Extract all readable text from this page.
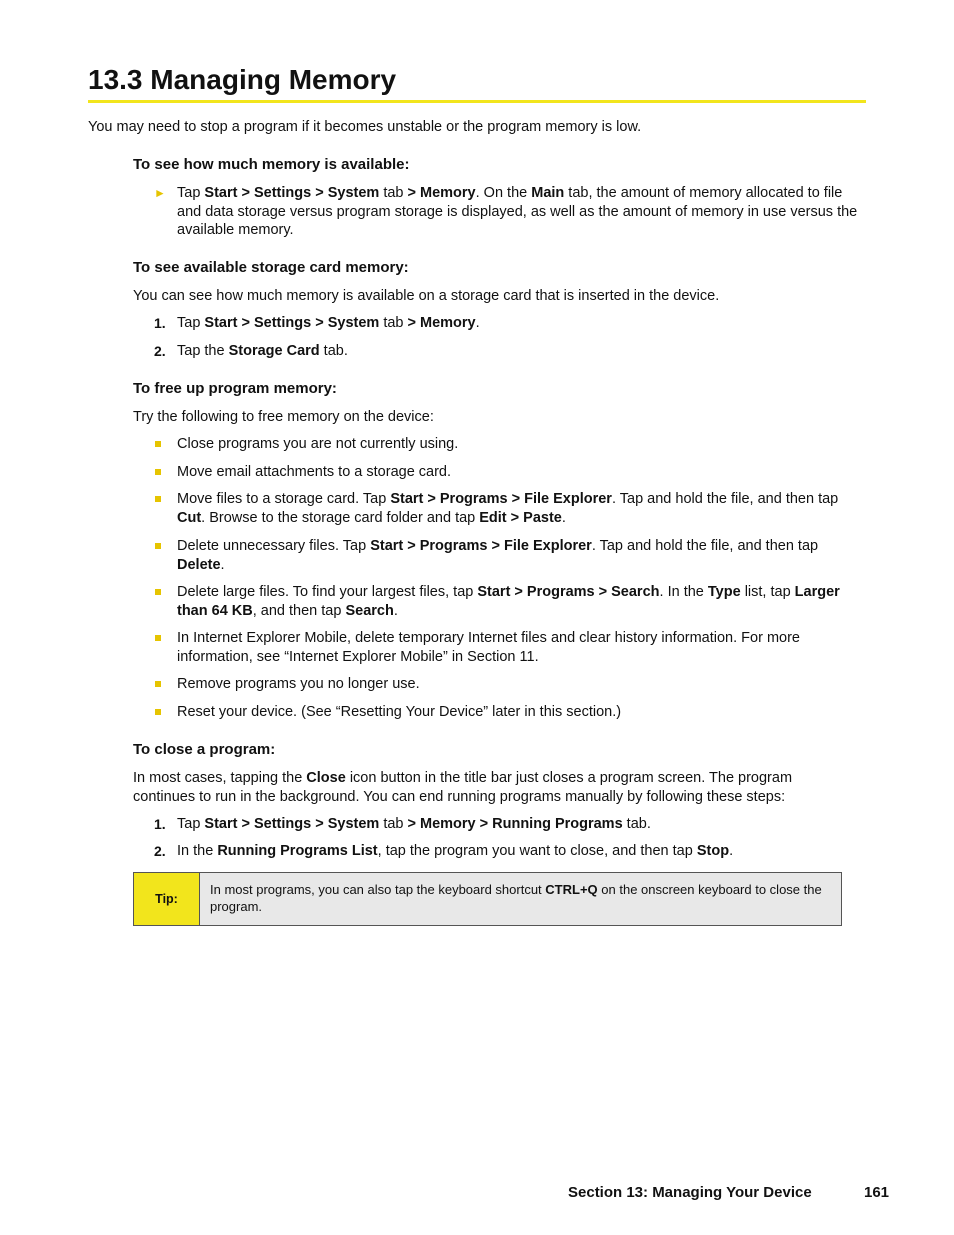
13.3 Managing Memory

You may need to stop a program if it becomes unstable or the program memory is low.

To see how much memory is available:

► Tap Start > Settings > System tab > Memory. On the Main tab, the amount of memory allocated to file and data storage versus program storage is displayed, as well as the amount of memory in use versus the available memory.

To see available storage card memory:

You can see how much memory is available on a storage card that is inserted in the device.

1. Tap Start > Settings > System tab > Memory.

2. Tap the Storage Card tab.

To free up program memory:

Try the following to free memory on the device:

Close programs you are not currently using.

Move email attachments to a storage card.

Move files to a storage card. Tap Start > Programs > File Explorer. Tap and hold the file, and then tap Cut. Browse to the storage card folder and tap Edit > Paste.

Delete unnecessary files. Tap Start > Programs > File Explorer. Tap and hold the file, and then tap Delete.

Delete large files. To find your largest files, tap Start > Programs > Search. In the Type list, tap Larger than 64 KB, and then tap Search.

In Internet Explorer Mobile, delete temporary Internet files and clear history information. For more information, see “Internet Explorer Mobile” in Section 11.

Remove programs you no longer use.

Reset your device. (See “Resetting Your Device” later in this section.)

To close a program:

In most cases, tapping the Close icon button in the title bar just closes a program screen. The program continues to run in the background. You can end running programs manually by following these steps:

1. Tap Start > Settings > System tab > Memory > Running Programs tab.

2. In the Running Programs List, tap the program you want to close, and then tap Stop.

Tip:
In most programs, you can also tap the keyboard shortcut CTRL+Q on the onscreen keyboard to close the program.
Section 13: Managing Your Device	161
